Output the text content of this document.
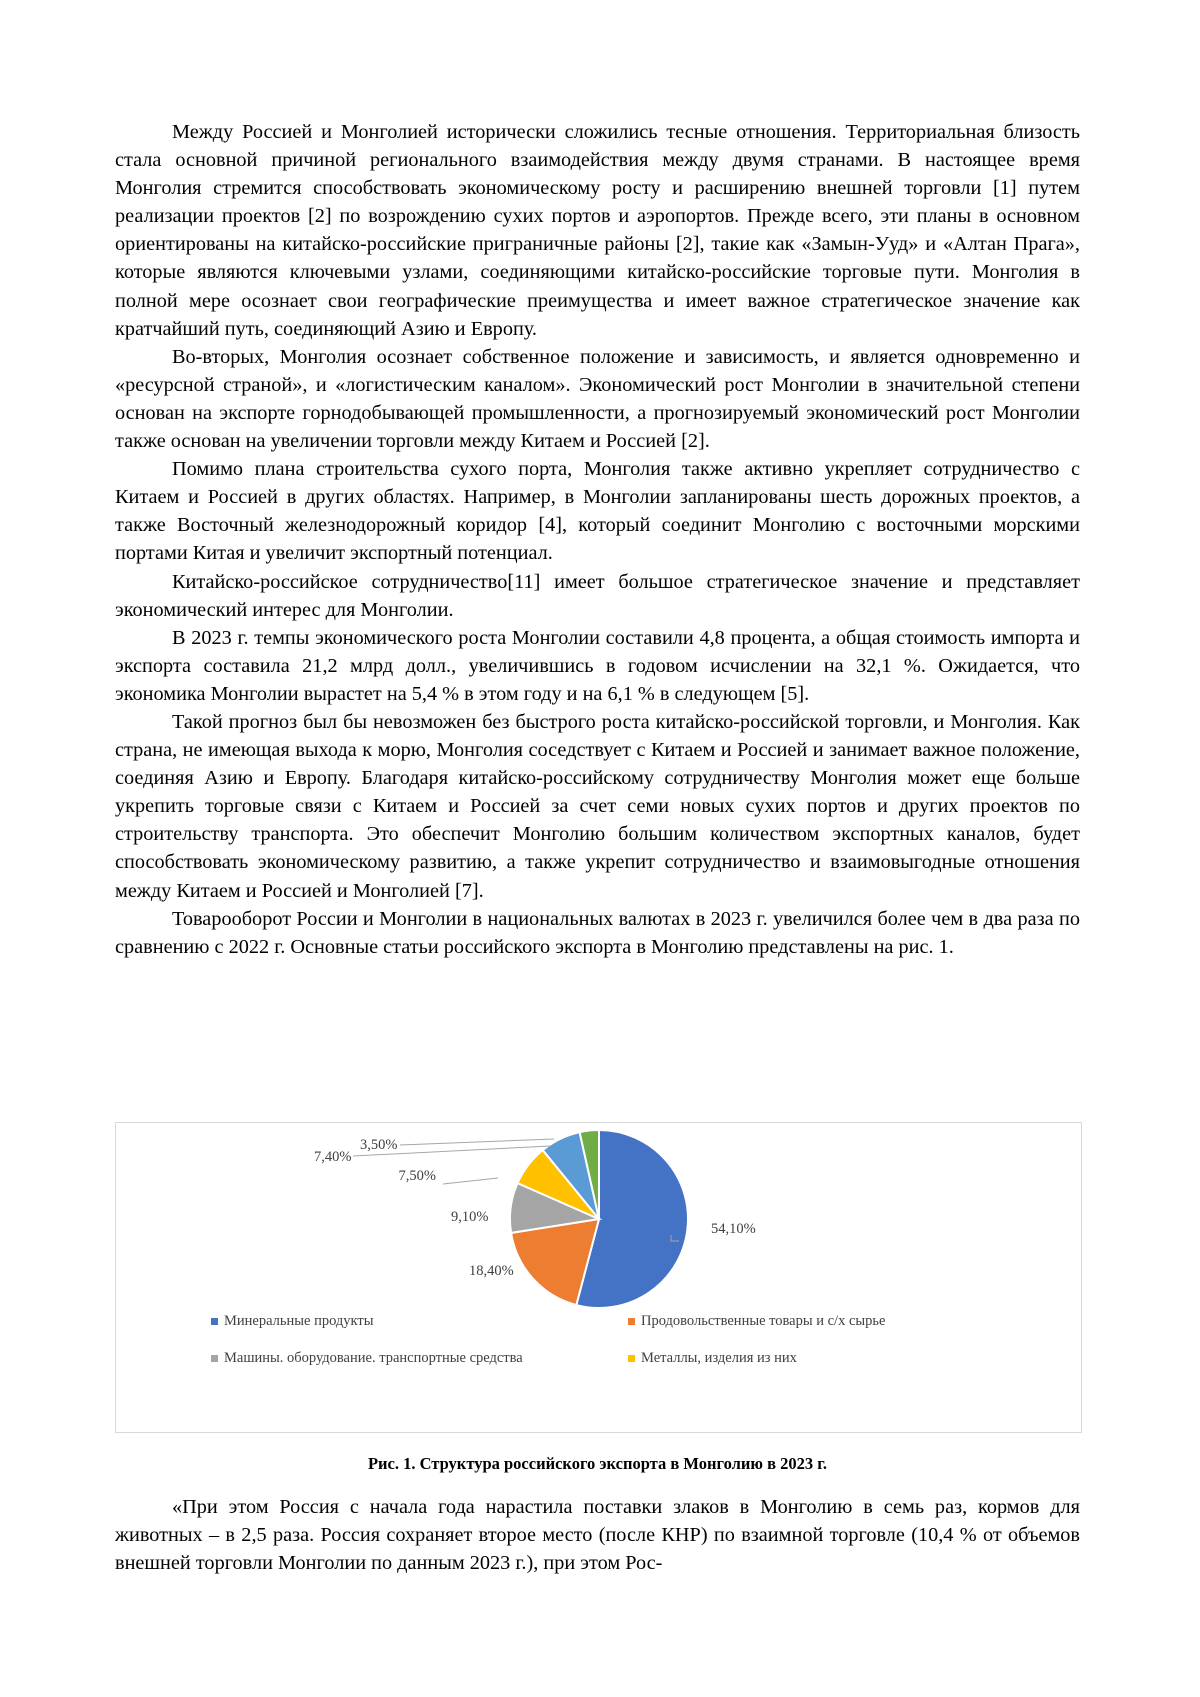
Между Россией и Монголией исторически сложились тесные отношения. Территориальная близость стала основной причиной регионального взаимодействия между двумя странами. В настоящее время Монголия стремится способствовать экономическому росту и расширению внешней торговли [1] путем реализации проектов [2] по возрождению сухих портов и аэропортов. Прежде всего, эти планы в основном ориентированы на китайско-российские приграничные районы [2], такие как «Замын-Ууд» и «Алтан Прага», которые являются ключевыми узлами, соединяющими китайско-российские торговые пути. Монголия в полной мере осознает свои географические преимущества и имеет важное стратегическое значение как кратчайший путь, соединяющий Азию и Европу.

Во-вторых, Монголия осознает собственное положение и зависимость, и является одновременно и «ресурсной страной», и «логистическим каналом». Экономический рост Монголии в значительной степени основан на экспорте горнодобывающей промышленности, а прогнозируемый экономический рост Монголии также основан на увеличении торговли между Китаем и Россией [2].

Помимо плана строительства сухого порта, Монголия также активно укрепляет сотрудничество с Китаем и Россией в других областях. Например, в Монголии запланированы шесть дорожных проектов, а также Восточный железнодорожный коридор [4], который соединит Монголию с восточными морскими портами Китая и увеличит экспортный потенциал.

Китайско-российское сотрудничество[11] имеет большое стратегическое значение и представляет экономический интерес для Монголии.

В 2023 г. темпы экономического роста Монголии составили 4,8 процента, а общая стоимость импорта и экспорта составила 21,2 млрд долл., увеличившись в годовом исчислении на 32,1 %. Ожидается, что экономика Монголии вырастет на 5,4 % в этом году и на 6,1 % в следующем [5].

Такой прогноз был бы невозможен без быстрого роста китайско-российской торговли, и Монголия. Как страна, не имеющая выхода к морю, Монголия соседствует с Китаем и Россией и занимает важное положение, соединяя Азию и Европу. Благодаря китайско-российскому сотрудничеству Монголия может еще больше укрепить торговые связи с Китаем и Россией за счет семи новых сухих портов и других проектов по строительству транспорта. Это обеспечит Монголию большим количеством экспортных каналов, будет способствовать экономическому развитию, а также укрепит сотрудничество и взаимовыгодные отношения между Китаем и Россией и Монголией [7].

Товарооборот России и Монголии в национальных валютах в 2023 г. увеличился более чем в два раза по сравнению с 2022 г. Основные статьи российского экспорта в Монголию представлены на рис. 1.

54,10%
18,40%
9,10%
7,50%
7,40%
3,50%
Минеральные продукты	Продовольственные товары и с/х сырье
Машины. оборудование. транспортные средства	Металлы, изделия из них
Рис. 1. Структура российского экспорта в Монголию в 2023 г.

«При этом Россия с начала года нарастила поставки злаков в Монголию в семь раз, кормов для животных – в 2,5 раза. Россия сохраняет второе место (после КНР) по взаимной торговле (10,4 % от объемов внешней торговли Монголии по данным 2023 г.), при этом Рос-
